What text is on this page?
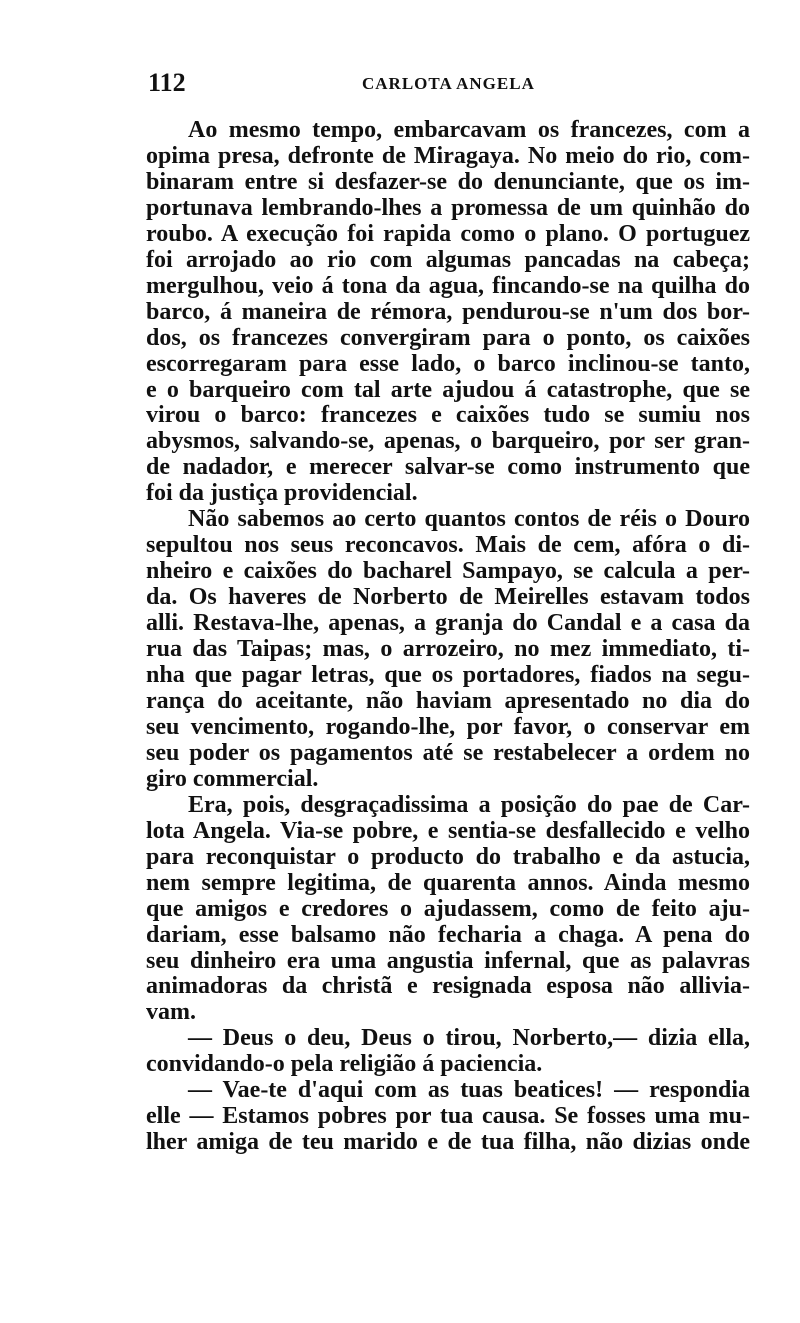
112	CARLOTA ANGELA
Ao mesmo tempo, embarcavam os francezes, com a
opima presa, defronte de Miragaya. No meio do rio, com-
binaram entre si desfazer-se do denunciante, que os im-
portunava lembrando-lhes a promessa de um quinhão do
roubo. A execução foi rapida como o plano. O portuguez
foi arrojado ao rio com algumas pancadas na cabeça;
mergulhou, veio á tona da agua, fincando-se na quilha do
barco, á maneira de rémora, pendurou-se n'um dos bor-
dos, os francezes convergiram para o ponto, os caixões
escorregaram para esse lado, o barco inclinou-se tanto,
e o barqueiro com tal arte ajudou á catastrophe, que se
virou o barco: francezes e caixões tudo se sumiu nos
abysmos, salvando-se, apenas, o barqueiro, por ser gran-
de nadador, e merecer salvar-se como instrumento que
foi da justiça providencial.
Não sabemos ao certo quantos contos de réis o Douro
sepultou nos seus reconcavos. Mais de cem, afóra o di-
nheiro e caixões do bacharel Sampayo, se calcula a per-
da. Os haveres de Norberto de Meirelles estavam todos
alli. Restava-lhe, apenas, a granja do Candal e a casa da
rua das Taipas; mas, o arrozeiro, no mez immediato, ti-
nha que pagar letras, que os portadores, fiados na segu-
rança do aceitante, não haviam apresentado no dia do
seu vencimento, rogando-lhe, por favor, o conservar em
seu poder os pagamentos até se restabelecer a ordem no
giro commercial.
Era, pois, desgraçadissima a posição do pae de Car-
lota Angela. Via-se pobre, e sentia-se desfallecido e velho
para reconquistar o producto do trabalho e da astucia,
nem sempre legitima, de quarenta annos. Ainda mesmo
que amigos e credores o ajudassem, como de feito aju-
dariam, esse balsamo não fecharia a chaga. A pena do
seu dinheiro era uma angustia infernal, que as palavras
animadoras da christã e resignada esposa não allivia-
vam.
— Deus o deu, Deus o tirou, Norberto,— dizia ella,
convidando-o pela religião á paciencia.
— Vae-te d'aqui com as tuas beatices! — respondia
elle — Estamos pobres por tua causa. Se fosses uma mu-
lher amiga de teu marido e de tua filha, não dizias onde
